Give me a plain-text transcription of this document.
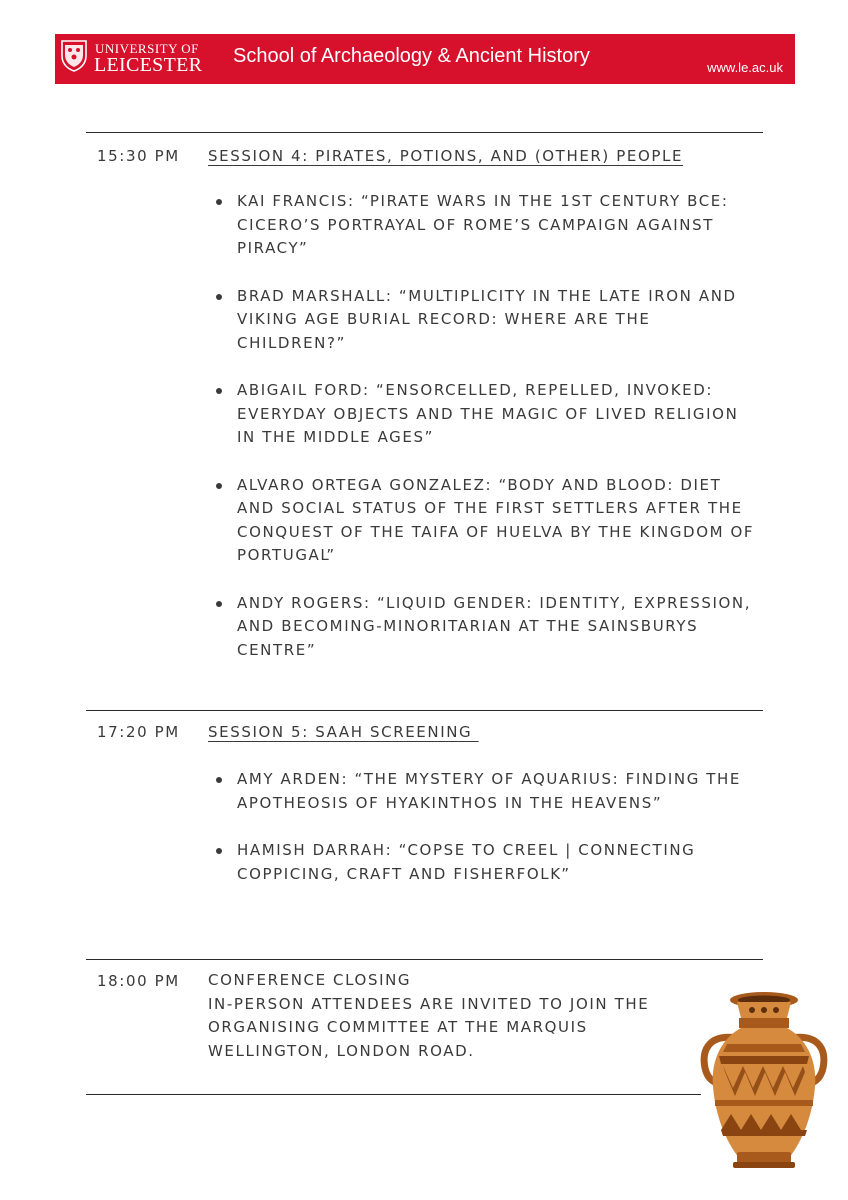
UNIVERSITY OF
LEICESTER School of Archaeology & Ancient History
www.le.ac.uk
15:30 PM SESSION 4: PIRATES, POTIONS, AND (OTHER) PEOPLE
KAI FRANCIS: “PIRATE WARS IN THE 1ST CENTURY BCE: CICERO’S PORTRAYAL OF ROME’S CAMPAIGN AGAINST PIRACY”
BRAD MARSHALL: “MULTIPLICITY IN THE LATE IRON AND VIKING AGE BURIAL RECORD: WHERE ARE THE CHILDREN?”
ABIGAIL FORD: “ENSORCELLED, REPELLED, INVOKED: EVERYDAY OBJECTS AND THE MAGIC OF LIVED RELIGION IN THE MIDDLE AGES”
ALVARO ORTEGA GONZALEZ: “BODY AND BLOOD: DIET AND SOCIAL STATUS OF THE FIRST SETTLERS AFTER THE CONQUEST OF THE TAIFA OF HUELVA BY THE KINGDOM OF PORTUGAL”
ANDY ROGERS: “LIQUID GENDER: IDENTITY, EXPRESSION, AND BECOMING-MINORITARIAN AT THE SAINSBURYS CENTRE”
17:20 PM SESSION 5: SAAH SCREENING
AMY ARDEN: “THE MYSTERY OF AQUARIUS: FINDING THE APOTHEOSIS OF HYAKINTHOS IN THE HEAVENS”
HAMISH DARRAH: “COPSE TO CREEL | CONNECTING COPPICING, CRAFT AND FISHERFOLK”
18:00 PM CONFERENCE CLOSING
IN-PERSON ATTENDEES ARE INVITED TO JOIN THE
ORGANISING COMMITTEE AT THE MARQUIS
WELLINGTON, LONDON ROAD.
